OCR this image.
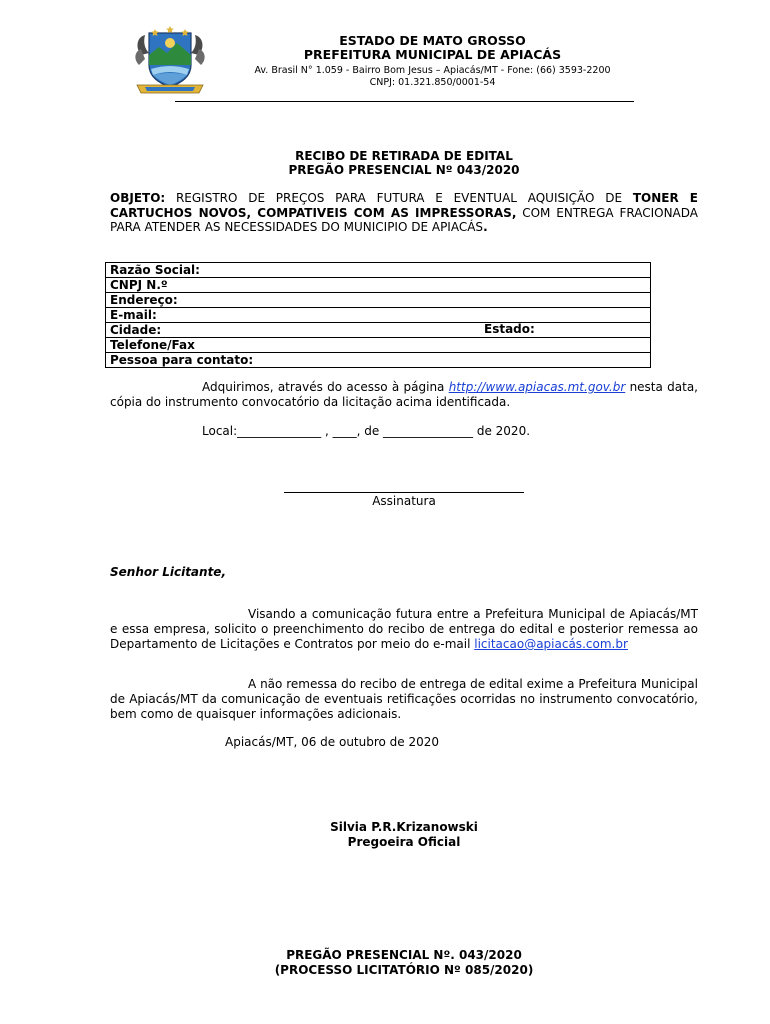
ESTADO DE MATO GROSSO
PREFEITURA MUNICIPAL DE APIACÁS
Av. Brasil N° 1.059 - Bairro Bom Jesus – Apiacás/MT - Fone: (66) 3593-2200
CNPJ: 01.321.850/0001-54
RECIBO DE RETIRADA DE EDITAL
PREGÃO PRESENCIAL Nº 043/2020
OBJETO: REGISTRO DE PREÇOS PARA FUTURA E EVENTUAL AQUISIÇÃO DE TONER E CARTUCHOS NOVOS, COMPATIVEIS COM AS IMPRESSORAS, COM ENTREGA FRACIONADA PARA ATENDER AS NECESSIDADES DO MUNICIPIO DE APIACÁS.
Razão Social:
CNPJ N.º
Endereço:
E-mail:
Cidade:	Estado:

Telefone/Fax
Pessoa para contato:
Adquirimos, através do acesso à página http://www.apiacas.mt.gov.br nesta data, cópia do instrumento convocatório da licitação acima identificada.
Local:______________ , ____, de _______________ de 2020.
Assinatura
Senhor Licitante,
Visando a comunicação futura entre a Prefeitura Municipal de Apiacás/MT e essa empresa, solicito o preenchimento do recibo de entrega do edital e posterior remessa ao Departamento de Licitações e Contratos por meio do e-mail licitacao@apiacás.com.br
A não remessa do recibo de entrega de edital exime a Prefeitura Municipal de Apiacás/MT da comunicação de eventuais retificações ocorridas no instrumento convocatório, bem como de quaisquer informações adicionais.
Apiacás/MT, 06 de outubro de 2020
Silvia P.R.Krizanowski
Pregoeira Oficial
PREGÃO PRESENCIAL Nº. 043/2020
(PROCESSO LICITATÓRIO Nº 085/2020)
